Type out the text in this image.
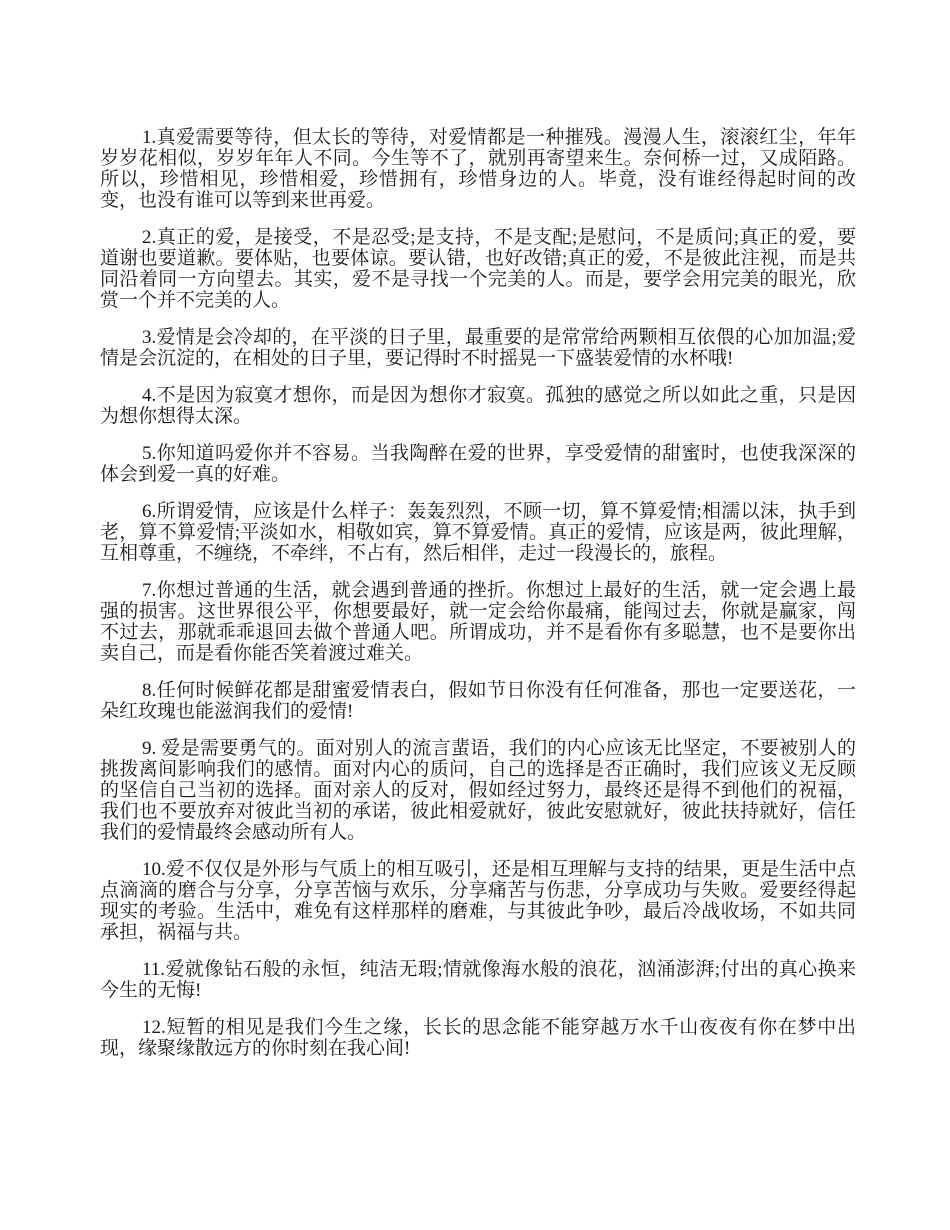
1.真爱需要等待，但太长的等待，对爱情都是一种摧残。漫漫人生，滚滚红尘，年年岁岁花相似，岁岁年年人不同。今生等不了，就别再寄望来生。奈何桥一过，又成陌路。所以，珍惜相见，珍惜相爱，珍惜拥有，珍惜身边的人。毕竟，没有谁经得起时间的改变，也没有谁可以等到来世再爱。

2.真正的爱，是接受，不是忍受;是支持，不是支配;是慰问，不是质问;真正的爱，要道谢也要道歉。要体贴，也要体谅。要认错，也好改错;真正的爱，不是彼此注视，而是共同沿着同一方向望去。其实，爱不是寻找一个完美的人。而是，要学会用完美的眼光，欣赏一个并不完美的人。

3.爱情是会冷却的，在平淡的日子里，最重要的是常常给两颗相互依偎的心加加温;爱情是会沉淀的，在相处的日子里，要记得时不时摇晃一下盛装爱情的水杯哦!

4.不是因为寂寞才想你，而是因为想你才寂寞。孤独的感觉之所以如此之重，只是因为想你想得太深。

5.你知道吗爱你并不容易。当我陶醉在爱的世界，享受爱情的甜蜜时，也使我深深的体会到爱一真的好难。

6.所谓爱情，应该是什么样子：轰轰烈烈，不顾一切，算不算爱情;相濡以沫，执手到老，算不算爱情;平淡如水，相敬如宾，算不算爱情。真正的爱情，应该是两，彼此理解，互相尊重，不缠绕，不牵绊，不占有，然后相伴，走过一段漫长的，旅程。

7.你想过普通的生活，就会遇到普通的挫折。你想过上最好的生活，就一定会遇上最强的损害。这世界很公平，你想要最好，就一定会给你最痛，能闯过去，你就是赢家，闯不过去，那就乖乖退回去做个普通人吧。所谓成功，并不是看你有多聪慧，也不是要你出卖自己，而是看你能否笑着渡过难关。

8.任何时候鲜花都是甜蜜爱情表白，假如节日你没有任何准备，那也一定要送花，一朵红玫瑰也能滋润我们的爱情!

9. 爱是需要勇气的。面对别人的流言蜚语，我们的内心应该无比坚定，不要被别人的挑拨离间影响我们的感情。面对内心的质问，自己的选择是否正确时，我们应该义无反顾的坚信自己当初的选择。面对亲人的反对，假如经过努力，最终还是得不到他们的祝福，我们也不要放弃对彼此当初的承诺，彼此相爱就好，彼此安慰就好，彼此扶持就好，信任我们的爱情最终会感动所有人。

10.爱不仅仅是外形与气质上的相互吸引，还是相互理解与支持的结果，更是生活中点点滴滴的磨合与分享，分享苦恼与欢乐，分享痛苦与伤悲，分享成功与失败。爱要经得起现实的考验。生活中，难免有这样那样的磨难，与其彼此争吵，最后冷战收场，不如共同承担，祸福与共。

11.爱就像钻石般的永恒，纯洁无瑕;情就像海水般的浪花，汹涌澎湃;付出的真心换来今生的无悔!

12.短暂的相见是我们今生之缘，长长的思念能不能穿越万水千山夜夜有你在梦中出现，缘聚缘散远方的你时刻在我心间!
